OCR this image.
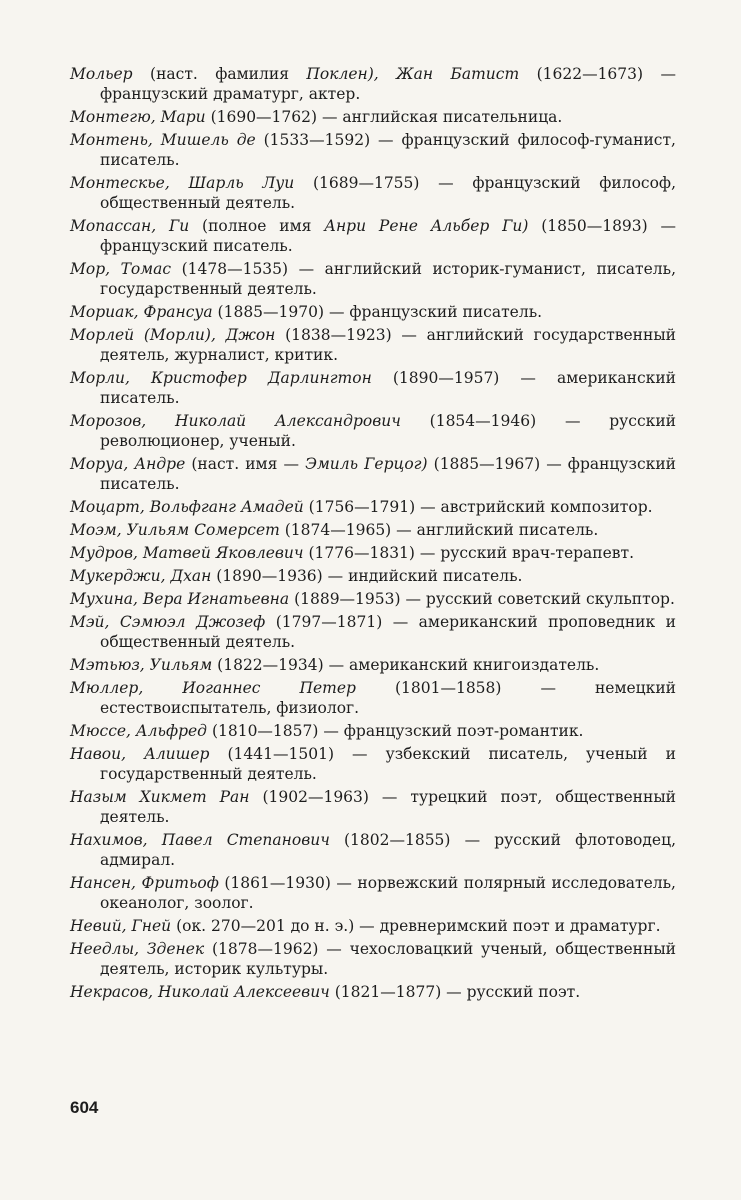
Мольер (наст. фамилия Поклен), Жан Батист (1622—1673) — французский драматург, актер.
Монтегю, Мари (1690—1762) — английская писательница.
Монтень, Мишель де (1533—1592) — французский философ-гуманист, писатель.
Монтескье, Шарль Луи (1689—1755) — французский философ, общественный деятель.
Мопассан, Ги (полное имя Анри Рене Альбер Ги) (1850—1893) — французский писатель.
Мор, Томас (1478—1535) — английский историк-гуманист, писатель, государственный деятель.
Мориак, Франсуа (1885—1970) — французский писатель.
Морлей (Морли), Джон (1838—1923) — английский государственный деятель, журналист, критик.
Морли, Кристофер Дарлингтон (1890—1957) — американский писатель.
Морозов, Николай Александрович (1854—1946) — русский революционер, ученый.
Моруа, Андре (наст. имя — Эмиль Герцог) (1885—1967) — французский писатель.
Моцарт, Вольфганг Амадей (1756—1791) — австрийский композитор.
Моэм, Уильям Сомерсет (1874—1965) — английский писатель.
Мудров, Матвей Яковлевич (1776—1831) — русский врач-терапевт.
Мукерджи, Дхан (1890—1936) — индийский писатель.
Мухина, Вера Игнатьевна (1889—1953) — русский советский скульптор.
Мэй, Сэмюэл Джозеф (1797—1871) — американский проповедник и общественный деятель.
Мэтьюз, Уильям (1822—1934) — американский книгоиздатель.
Мюллер, Иоганнес Петер (1801—1858) — немецкий естествоиспытатель, физиолог.
Мюссе, Альфред (1810—1857) — французский поэт-романтик.
Навои, Алишер (1441—1501) — узбекский писатель, ученый и государственный деятель.
Назым Хикмет Ран (1902—1963) — турецкий поэт, общественный деятель.
Нахимов, Павел Степанович (1802—1855) — русский флотоводец, адмирал.
Нансен, Фритьоф (1861—1930) — норвежский полярный исследователь, океанолог, зоолог.
Невий, Гней (ок. 270—201 до н. э.) — древнеримский поэт и драматург.
Неедлы, Зденек (1878—1962) — чехословацкий ученый, общественный деятель, историк культуры.
Некрасов, Николай Алексеевич (1821—1877) — русский поэт.
604
